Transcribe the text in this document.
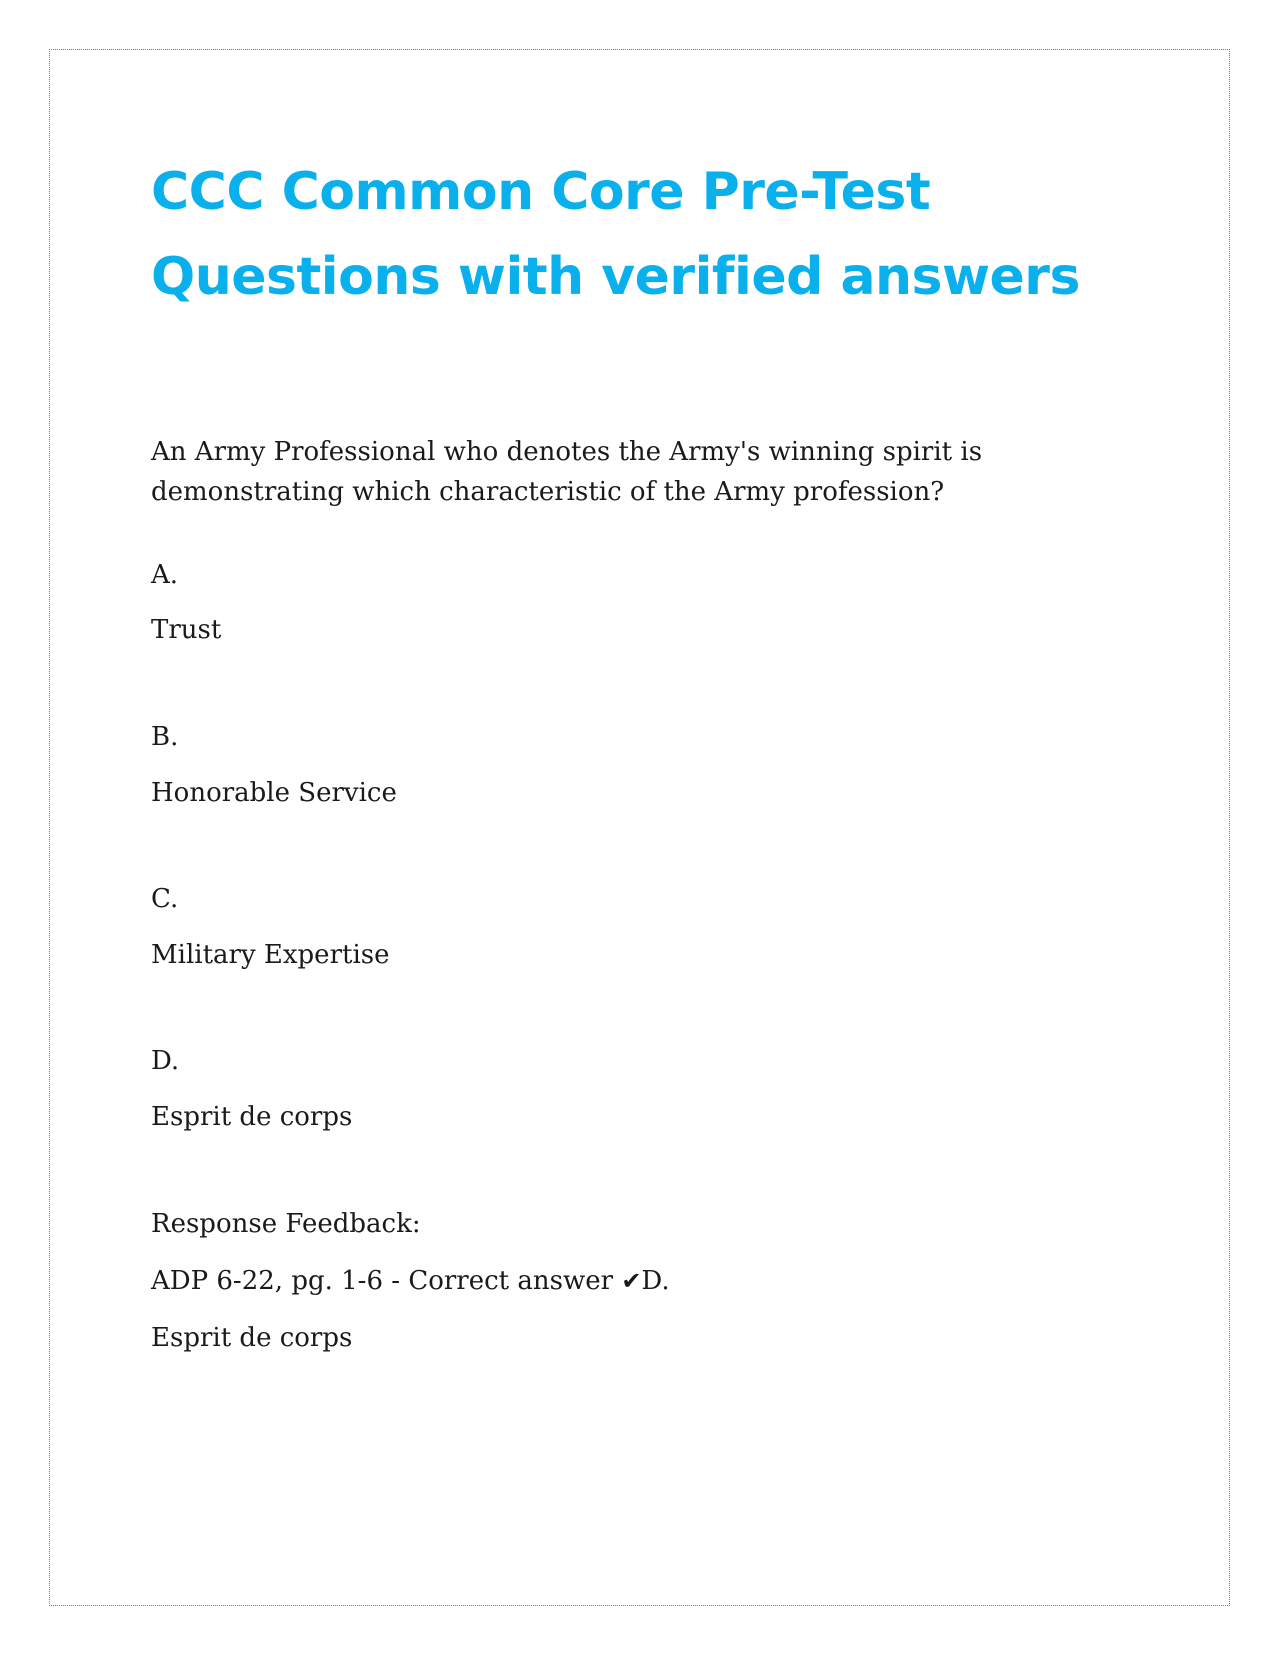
CCC Common Core Pre-Test
Questions with verified answers

An Army Professional who denotes the Army's winning spirit is demonstrating which characteristic of the Army profession?

A.

Trust

B.

Honorable Service

C.

Military Expertise

D.

Esprit de corps

Response Feedback:

ADP 6-22, pg. 1-6 - Correct answer ✔D.

Esprit de corps
